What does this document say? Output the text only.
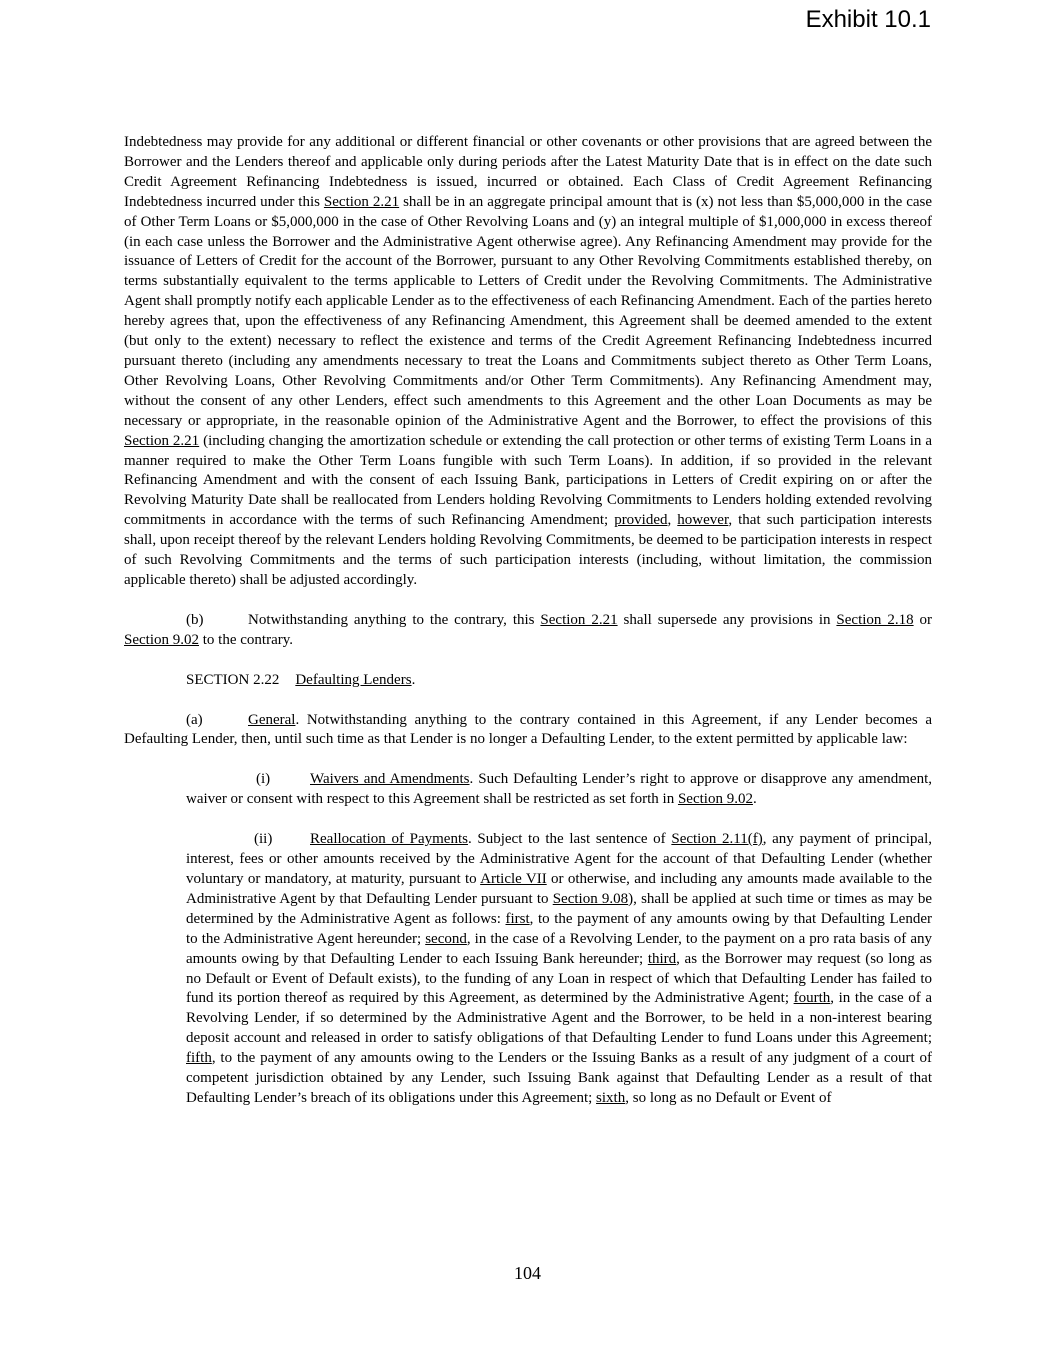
Exhibit 10.1

Indebtedness may provide for any additional or different financial or other covenants or other provisions that are agreed between the Borrower and the Lenders thereof and applicable only during periods after the Latest Maturity Date that is in effect on the date such Credit Agreement Refinancing Indebtedness is issued, incurred or obtained. Each Class of Credit Agreement Refinancing Indebtedness incurred under this Section 2.21 shall be in an aggregate principal amount that is (x) not less than $5,000,000 in the case of Other Term Loans or $5,000,000 in the case of Other Revolving Loans and (y) an integral multiple of $1,000,000 in excess thereof (in each case unless the Borrower and the Administrative Agent otherwise agree). Any Refinancing Amendment may provide for the issuance of Letters of Credit for the account of the Borrower, pursuant to any Other Revolving Commitments established thereby, on terms substantially equivalent to the terms applicable to Letters of Credit under the Revolving Commitments. The Administrative Agent shall promptly notify each applicable Lender as to the effectiveness of each Refinancing Amendment. Each of the parties hereto hereby agrees that, upon the effectiveness of any Refinancing Amendment, this Agreement shall be deemed amended to the extent (but only to the extent) necessary to reflect the existence and terms of the Credit Agreement Refinancing Indebtedness incurred pursuant thereto (including any amendments necessary to treat the Loans and Commitments subject thereto as Other Term Loans, Other Revolving Loans, Other Revolving Commitments and/or Other Term Commitments). Any Refinancing Amendment may, without the consent of any other Lenders, effect such amendments to this Agreement and the other Loan Documents as may be necessary or appropriate, in the reasonable opinion of the Administrative Agent and the Borrower, to effect the provisions of this Section 2.21 (including changing the amortization schedule or extending the call protection or other terms of existing Term Loans in a manner required to make the Other Term Loans fungible with such Term Loans). In addition, if so provided in the relevant Refinancing Amendment and with the consent of each Issuing Bank, participations in Letters of Credit expiring on or after the Revolving Maturity Date shall be reallocated from Lenders holding Revolving Commitments to Lenders holding extended revolving commitments in accordance with the terms of such Refinancing Amendment; provided, however, that such participation interests shall, upon receipt thereof by the relevant Lenders holding Revolving Commitments, be deemed to be participation interests in respect of such Revolving Commitments and the terms of such participation interests (including, without limitation, the commission applicable thereto) shall be adjusted accordingly.

(b)	Notwithstanding anything to the contrary, this Section 2.21 shall supersede any provisions in Section 2.18 or Section 9.02 to the contrary.

SECTION 2.22 Defaulting Lenders.

(a)	General. Notwithstanding anything to the contrary contained in this Agreement, if any Lender becomes a Defaulting Lender, then, until such time as that Lender is no longer a Defaulting Lender, to the extent permitted by applicable law:

(i)	Waivers and Amendments. Such Defaulting Lender’s right to approve or disapprove any amendment, waiver or consent with respect to this Agreement shall be restricted as set forth in Section 9.02.

(ii)	Reallocation of Payments. Subject to the last sentence of Section 2.11(f), any payment of principal, interest, fees or other amounts received by the Administrative Agent for the account of that Defaulting Lender (whether voluntary or mandatory, at maturity, pursuant to Article VII or otherwise, and including any amounts made available to the Administrative Agent by that Defaulting Lender pursuant to Section 9.08), shall be applied at such time or times as may be determined by the Administrative Agent as follows: first, to the payment of any amounts owing by that Defaulting Lender to the Administrative Agent hereunder; second, in the case of a Revolving Lender, to the payment on a pro rata basis of any amounts owing by that Defaulting Lender to each Issuing Bank hereunder; third, as the Borrower may request (so long as no Default or Event of Default exists), to the funding of any Loan in respect of which that Defaulting Lender has failed to fund its portion thereof as required by this Agreement, as determined by the Administrative Agent; fourth, in the case of a Revolving Lender, if so determined by the Administrative Agent and the Borrower, to be held in a non-interest bearing deposit account and released in order to satisfy obligations of that Defaulting Lender to fund Loans under this Agreement; fifth, to the payment of any amounts owing to the Lenders or the Issuing Banks as a result of any judgment of a court of competent jurisdiction obtained by any Lender, such Issuing Bank against that Defaulting Lender as a result of that Defaulting Lender’s breach of its obligations under this Agreement; sixth, so long as no Default or Event of

104
